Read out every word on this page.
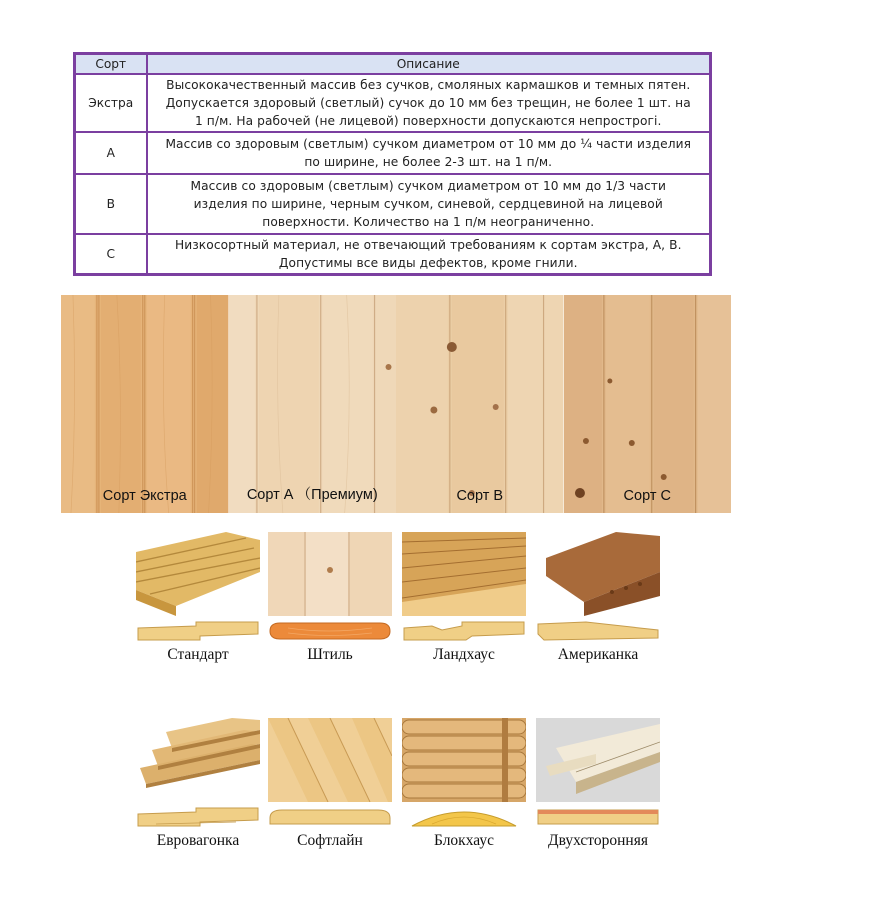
Сорт	Описание
Экстра	Высококачественный массив без сучков, смоляных кармашков и темных пятен.
Допускается здоровый (светлый) сучок до 10 мм без трещин, не более 1 шт. на
1 п/м. На рабочей (не лицевой) поверхности допускаются непрострогi.

A	Массив со здоровым (светлым) сучком диаметром от 10 мм до ¼ части изделия
по ширине, не более 2-3 шт. на 1 п/м.

B	Массив со здоровым (светлым) сучком диаметром от 10 мм до 1/3 части
изделия по ширине, черным сучком, синевой, сердцевиной на лицевой
поверхности. Количество на 1 п/м неограниченно.

C	Низкосортный материал, не отвечающий требованиям к сортам экстра, A, B.
Допустимы все виды дефектов, кроме гнили.
Сорт Экстра	Сорт A （Премиум)	Сорт B	Сорт C
Стандарт	Штиль	Ландхаус	Американка
Евровагонка	Софтлайн	Блокхаус	Двухсторонняя
